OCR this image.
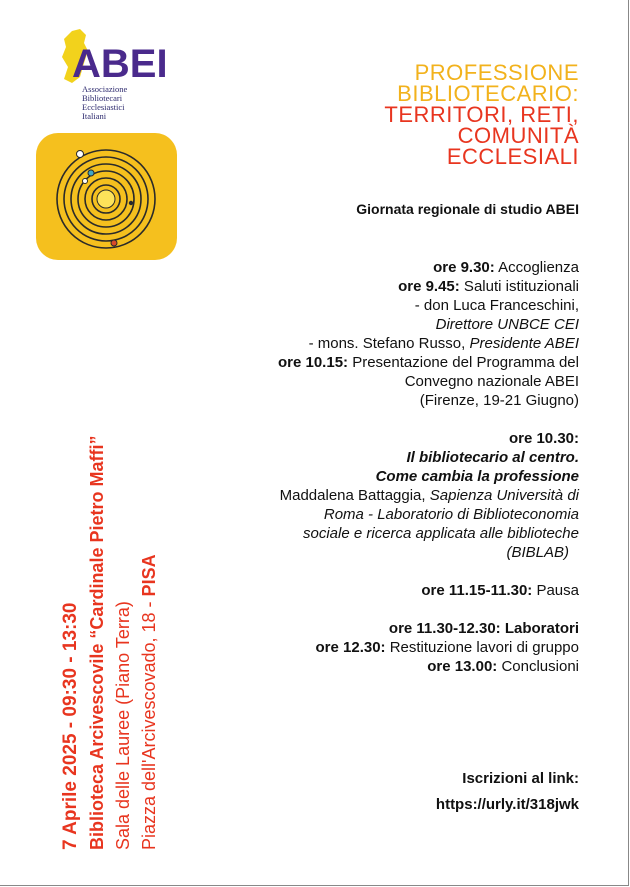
ABEI
Associazione
Bibliotecari
Ecclesiastici
Italiani
PROFESSIONE
BIBLIOTECARIO:
TERRITORI, RETI,
COMUNITÀ
ECCLESIALI
Giornata regionale di studio ABEI
ore 9.30: Accoglienza
ore 9.45: Saluti istituzionali
- don Luca Franceschini,
Direttore UNBCE CEI
- mons. Stefano Russo, Presidente ABEI
ore 10.15: Presentazione del Programma del
Convegno nazionale ABEI
(Firenze, 19-21 Giugno)
ore 10.30:
Il bibliotecario al centro.
Come cambia la professione
Maddalena Battaggia, Sapienza Università di
Roma - Laboratorio di Biblioteconomia
sociale e ricerca applicata alle biblioteche
(BIBLAB)
ore 11.15-11.30: Pausa
ore 11.30-12.30: Laboratori
ore 12.30: Restituzione lavori di gruppo
ore 13.00: Conclusioni
Iscrizioni al link:
https://urly.it/318jwk
7 Aprile 2025 - 09:30 - 13:30 Biblioteca Arcivescovile “Cardinale Pietro Maffi” Sala delle Lauree (Piano Terra) Piazza dell'Arcivescovado, 18 - PISA
